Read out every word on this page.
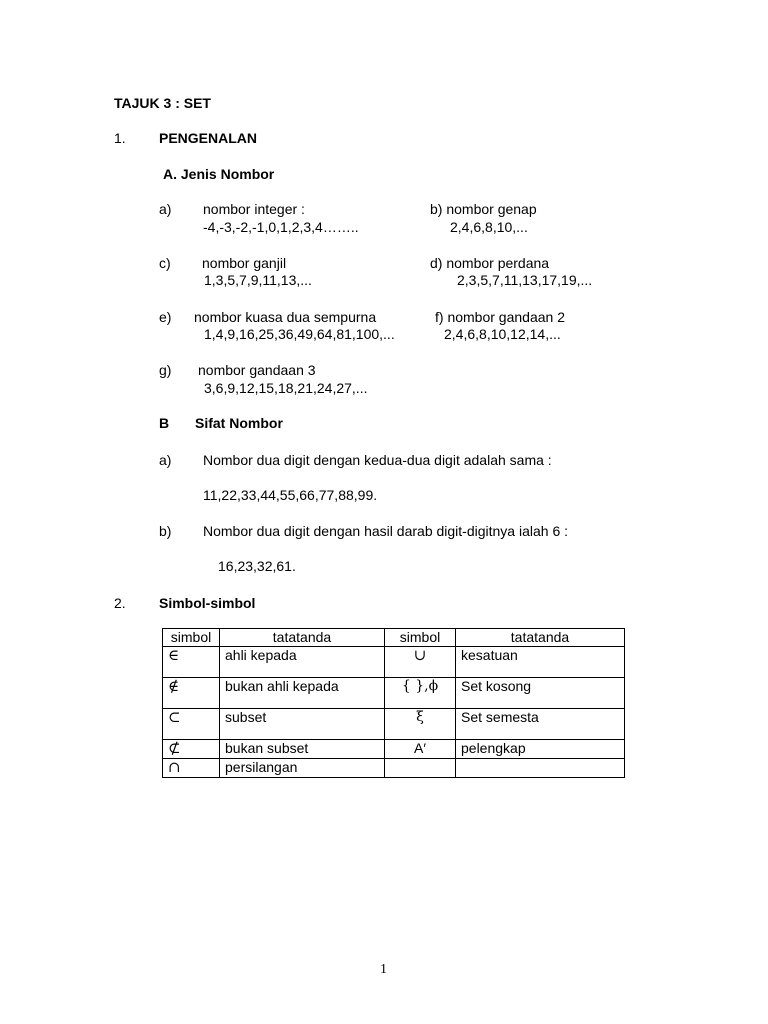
TAJUK 3 : SET
1. PENGENALAN
A. Jenis Nombor
a) nombor integer :
-4,-3,-2,-1,0,1,2,3,4……..
b) nombor genap
2,4,6,8,10,...
c) nombor ganjil
1,3,5,7,9,11,13,...
d) nombor perdana
2,3,5,7,11,13,17,19,...
e) nombor kuasa dua sempurna
1,4,9,16,25,36,49,64,81,100,...
f) nombor gandaan 2
2,4,6,8,10,12,14,...
g) nombor gandaan 3
3,6,9,12,15,18,21,24,27,...
B Sifat Nombor
a) Nombor dua digit dengan kedua-dua digit adalah sama :
11,22,33,44,55,66,77,88,99.
b) Nombor dua digit dengan hasil darab digit-digitnya ialah 6 :
16,23,32,61.
2. Simbol-simbol
simbol	tatatanda	simbol	tatatanda
∈	ahli kepada	∪	kesatuan
∉	bukan ahli kepada	{ },ϕ	Set kosong
⊂	subset	ξ	Set semesta
⊄	bukan subset	A′	pelengkap
∩	persilangan		
1
